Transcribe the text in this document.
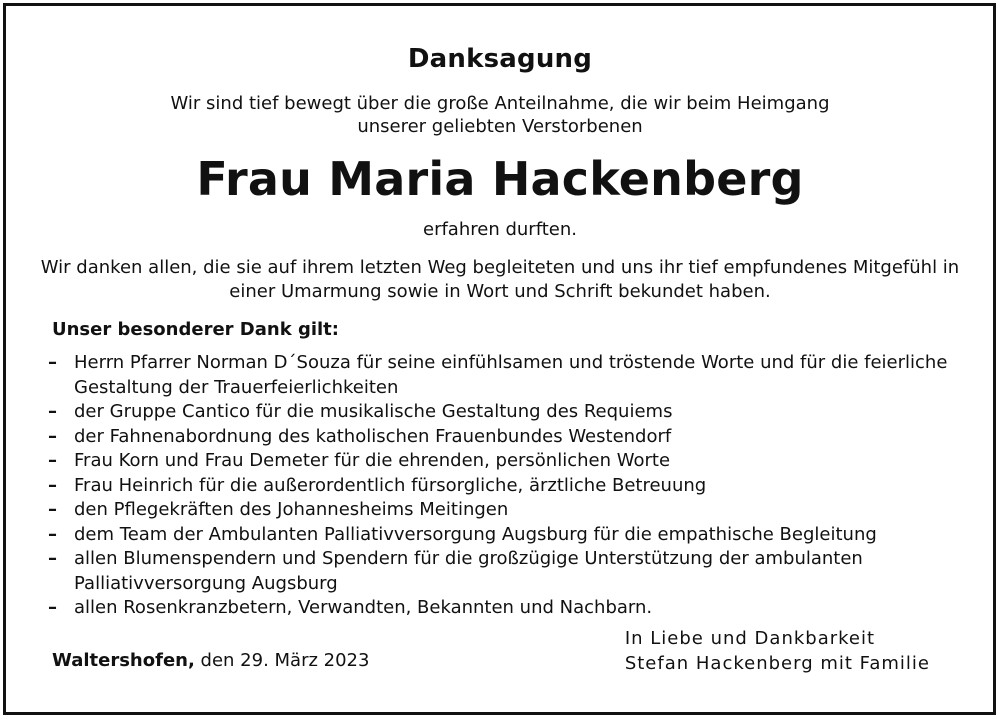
Danksagung
Wir sind tief bewegt über die große Anteilnahme, die wir beim Heimgang
unserer geliebten Verstorbenen
Frau Maria Hackenberg
erfahren durften.
Wir danken allen, die sie auf ihrem letzten Weg begleiteten und uns ihr tief empfundenes Mitgefühl in
einer Umarmung sowie in Wort und Schrift bekundet haben.
Unser besonderer Dank gilt:
– Herrn Pfarrer Norman D´Souza für seine einfühlsamen und tröstende Worte und für die feierliche Gestaltung der Trauerfeierlichkeiten
– der Gruppe Cantico für die musikalische Gestaltung des Requiems
– der Fahnenabordnung des katholischen Frauenbundes Westendorf
– Frau Korn und Frau Demeter für die ehrenden, persönlichen Worte
– Frau Heinrich für die außerordentlich fürsorgliche, ärztliche Betreuung
– den Pflegekräften des Johannesheims Meitingen
– dem Team der Ambulanten Palliativversorgung Augsburg für die empathische Begleitung
– allen Blumenspendern und Spendern für die großzügige Unterstützung der ambulanten Palliativversorgung Augsburg
– allen Rosenkranzbetern, Verwandten, Bekannten und Nachbarn.
Waltershofen, den 29. März 2023
In Liebe und Dankbarkeit
Stefan Hackenberg mit Familie
